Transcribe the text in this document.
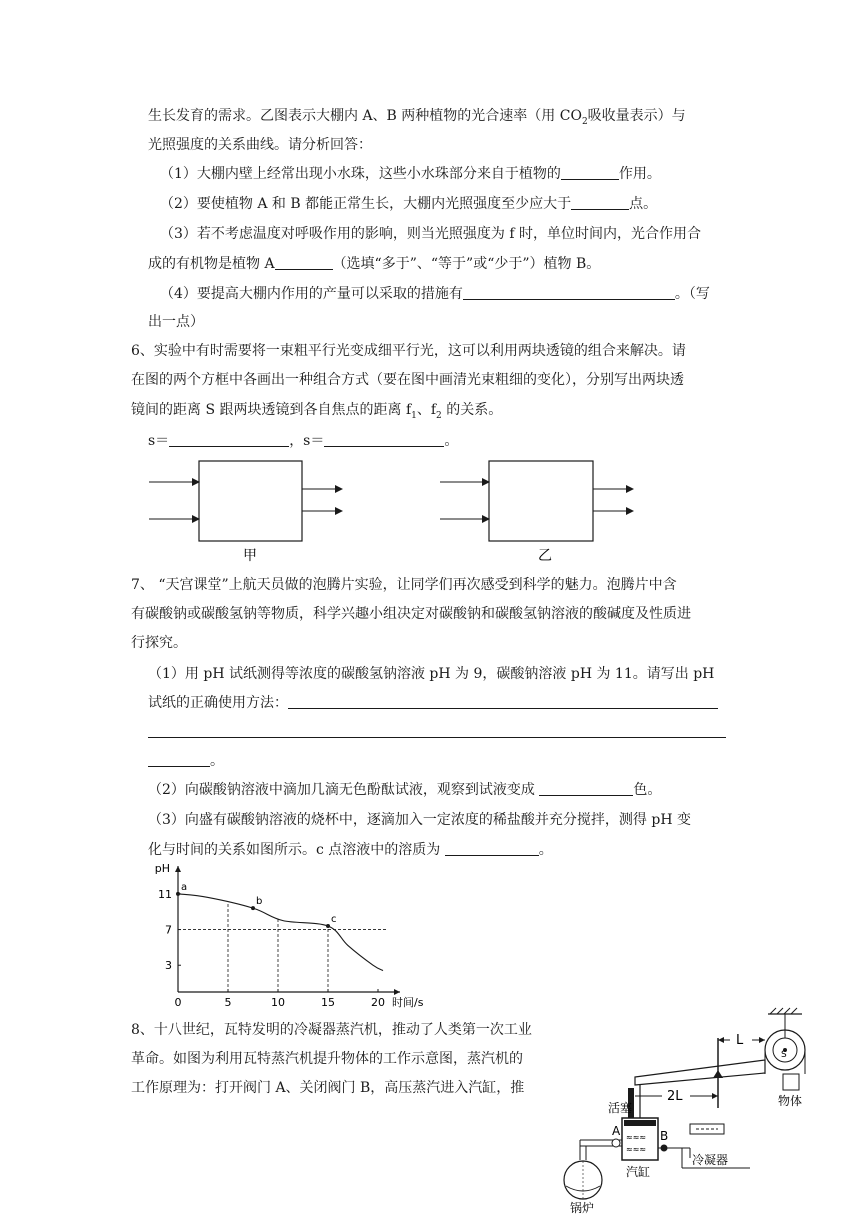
生长发育的需求。乙图表示大棚内 A、B 两种植物的光合速率（用 $CO_2$吸收量表示）与
光照强度的关系曲线。请分析回答：
（1）大棚内壁上经常出现小水珠，这些小水珠部分来自于植物的	作用。
（2）要使植物 A 和 B 都能正常生长，大棚内光照强度至少应大于	点。
（3）若不考虑温度对呼吸作用的影响，则当光照强度为 f 时，单位时间内，光合作用合
成的有机物是植物 A	（选填“多于”、“等于”或“少于”）植物 B。
（4）要提高大棚内作用的产量可以采取的措施有	。（写
出一点）
6、实验中有时需要将一束粗平行光变成细平行光，这可以利用两块透镜的组合来解决。请
在图的两个方框中各画出一种组合方式（要在图中画清光束粗细的变化），分别写出两块透
镜间的距离 S 跟两块透镜到各自焦点的距离 $f_1$、$f_2$ 的关系。
s＝	，s＝	。
甲	乙
7、 “天宫课堂”上航天员做的泡腾片实验，让同学们再次感受到科学的魅力。泡腾片中含
有碳酸钠或碳酸氢钠等物质，科学兴趣小组决定对碳酸钠和碳酸氢钠溶液的酸碱度及性质进
行探究。
（1）用 pH 试纸测得等浓度的碳酸氢钠溶液 pH 为 9，碳酸钠溶液 pH 为 11。请写出 pH
试纸的正确使用方法：
。
（2）向碳酸钠溶液中滴加几滴无色酚酞试液，观察到试液变成	色。
（3）向盛有碳酸钠溶液的烧杯中，逐滴加入一定浓度的稀盐酸并充分搅拌，测得 pH 变
化与时间的关系如图所示。c 点溶液中的溶质为	。
pH
时间/s
0	5	10	15	20
3
7
11
a
b
c
8、十八世纪，瓦特发明的冷凝器蒸汽机，推动了人类第一次工业
革命。如图为利用瓦特蒸汽机提升物体的工作示意图，蒸汽机的
工作原理为：打开阀门 A、关闭阀门 B，高压蒸汽进入汽缸，推
S
物体
L
2L
活塞
≈≈≈
≈≈≈
汽缸
A
锅炉
B
冷凝器
